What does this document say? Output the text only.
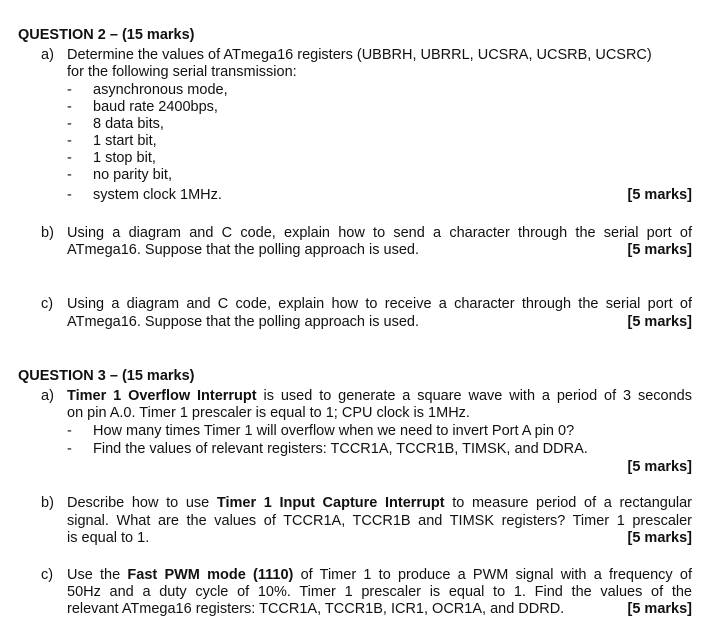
QUESTION 2 – (15 marks)
a) Determine the values of ATmega16 registers (UBBRH, UBRRL, UCSRA, UCSRB, UCSRC)
for the following serial transmission:
- asynchronous mode,
- baud rate 2400bps,
- 8 data bits,
- 1 start bit,
- 1 stop bit,
- no parity bit,
- system clock 1MHz.	[5 marks]
b) Using a diagram and C code, explain how to send a character through the serial port of
ATmega16. Suppose that the polling approach is used.	[5 marks]
c) Using a diagram and C code, explain how to receive a character through the serial port of
ATmega16. Suppose that the polling approach is used.	[5 marks]
QUESTION 3 – (15 marks)
a) Timer 1 Overflow Interrupt is used to generate a square wave with a period of 3 seconds
on pin A.0. Timer 1 prescaler is equal to 1; CPU clock is 1MHz.
- How many times Timer 1 will overflow when we need to invert Port A pin 0?
- Find the values of relevant registers: TCCR1A, TCCR1B, TIMSK, and DDRA.
[5 marks]
b) Describe how to use Timer 1 Input Capture Interrupt to measure period of a rectangular
signal. What are the values of TCCR1A, TCCR1B and TIMSK registers? Timer 1 prescaler
is equal to 1.	[5 marks]
c) Use the Fast PWM mode (1110) of Timer 1 to produce a PWM signal with a frequency of
50Hz and a duty cycle of 10%. Timer 1 prescaler is equal to 1. Find the values of the
relevant ATmega16 registers: TCCR1A, TCCR1B, ICR1, OCR1A, and DDRD.	[5 marks]
